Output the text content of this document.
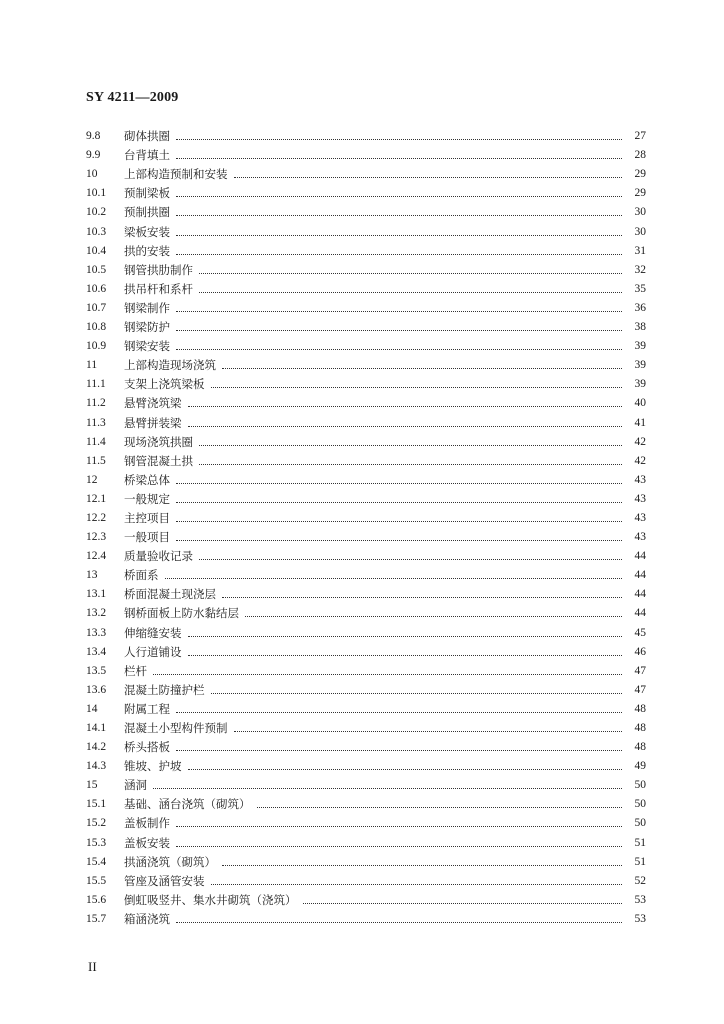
SY 4211—2009
9.8	砌体拱圈	27
9.9	台背填土	28
10	上部构造预制和安装	29
10.1	预制梁板	29
10.2	预制拱圈	30
10.3	梁板安装	30
10.4	拱的安装	31
10.5	钢管拱肋制作	32
10.6	拱吊杆和系杆	35
10.7	钢梁制作	36
10.8	钢梁防护	38
10.9	钢梁安装	39
11	上部构造现场浇筑	39
11.1	支架上浇筑梁板	39
11.2	悬臂浇筑梁	40
11.3	悬臂拼装梁	41
11.4	现场浇筑拱圈	42
11.5	钢管混凝土拱	42
12	桥梁总体	43
12.1	一般规定	43
12.2	主控项目	43
12.3	一般项目	43
12.4	质量验收记录	44
13	桥面系	44
13.1	桥面混凝土现浇层	44
13.2	钢桥面板上防水黏结层	44
13.3	伸缩缝安装	45
13.4	人行道铺设	46
13.5	栏杆	47
13.6	混凝土防撞护栏	47
14	附属工程	48
14.1	混凝土小型构件预制	48
14.2	桥头搭板	48
14.3	锥坡、护坡	49
15	涵洞	50
15.1	基础、涵台浇筑（砌筑）	50
15.2	盖板制作	50
15.3	盖板安装	51
15.4	拱涵浇筑（砌筑）	51
15.5	管座及涵管安装	52
15.6	倒虹吸竖井、集水井砌筑（浇筑）	53
15.7	箱涵浇筑	53
II
